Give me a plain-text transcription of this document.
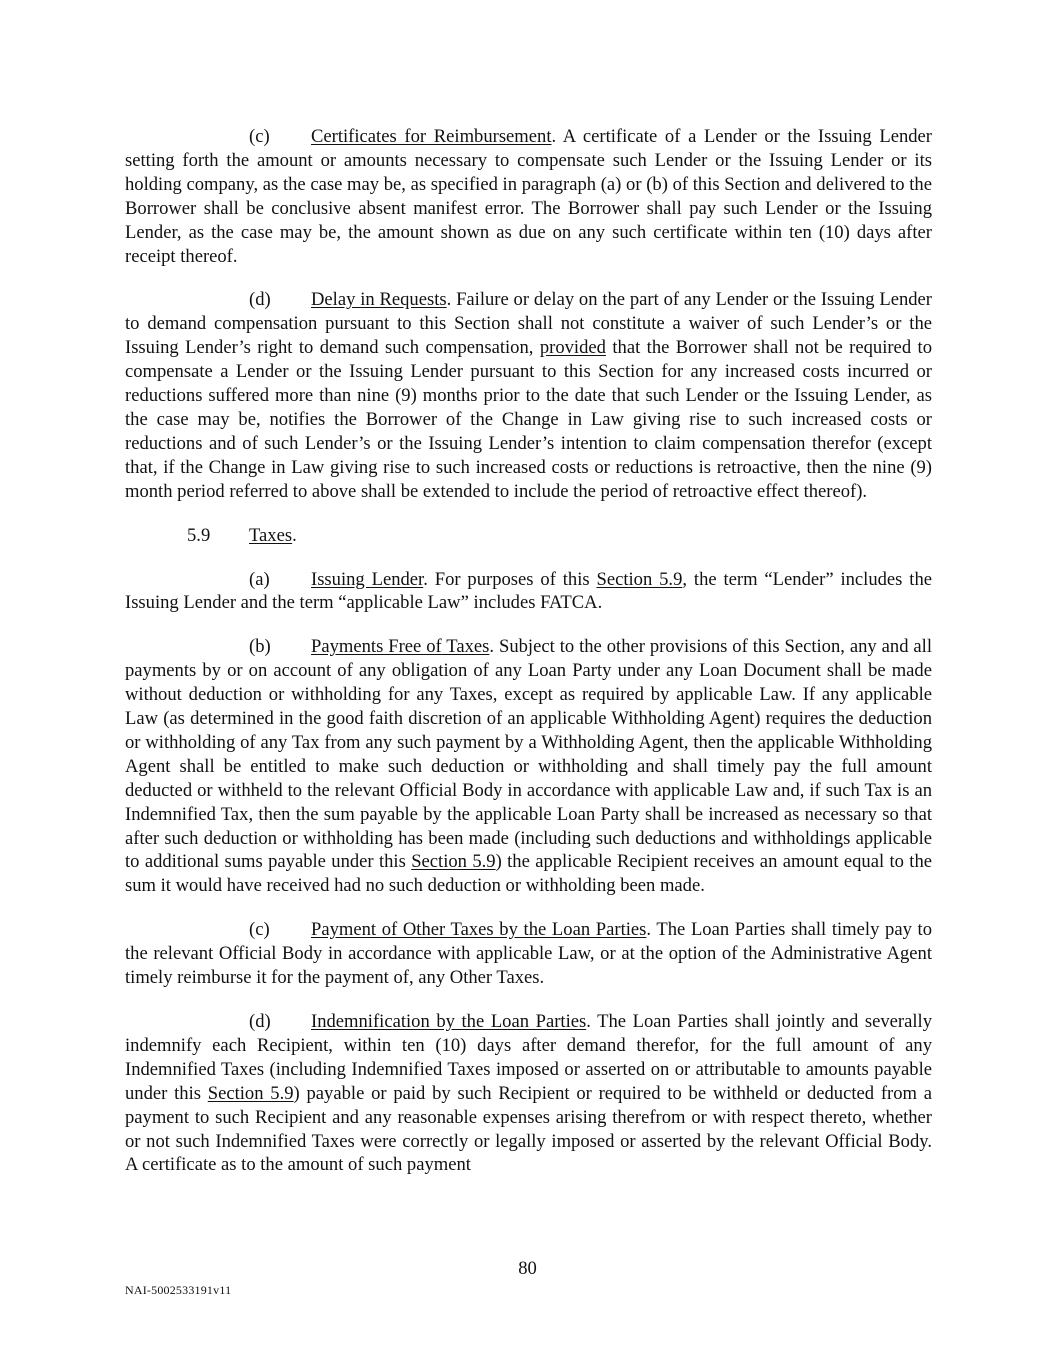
(c) Certificates for Reimbursement. A certificate of a Lender or the Issuing Lender setting forth the amount or amounts necessary to compensate such Lender or the Issuing Lender or its holding company, as the case may be, as specified in paragraph (a) or (b) of this Section and delivered to the Borrower shall be conclusive absent manifest error. The Borrower shall pay such Lender or the Issuing Lender, as the case may be, the amount shown as due on any such certificate within ten (10) days after receipt thereof.

(d) Delay in Requests. Failure or delay on the part of any Lender or the Issuing Lender to demand compensation pursuant to this Section shall not constitute a waiver of such Lender’s or the Issuing Lender’s right to demand such compensation, provided that the Borrower shall not be required to compensate a Lender or the Issuing Lender pursuant to this Section for any increased costs incurred or reductions suffered more than nine (9) months prior to the date that such Lender or the Issuing Lender, as the case may be, notifies the Borrower of the Change in Law giving rise to such increased costs or reductions and of such Lender’s or the Issuing Lender’s intention to claim compensation therefor (except that, if the Change in Law giving rise to such increased costs or reductions is retroactive, then the nine (9) month period referred to above shall be extended to include the period of retroactive effect thereof).

5.9 Taxes.

(a) Issuing Lender. For purposes of this Section 5.9, the term “Lender” includes the Issuing Lender and the term “applicable Law” includes FATCA.

(b) Payments Free of Taxes. Subject to the other provisions of this Section, any and all payments by or on account of any obligation of any Loan Party under any Loan Document shall be made without deduction or withholding for any Taxes, except as required by applicable Law. If any applicable Law (as determined in the good faith discretion of an applicable Withholding Agent) requires the deduction or withholding of any Tax from any such payment by a Withholding Agent, then the applicable Withholding Agent shall be entitled to make such deduction or withholding and shall timely pay the full amount deducted or withheld to the relevant Official Body in accordance with applicable Law and, if such Tax is an Indemnified Tax, then the sum payable by the applicable Loan Party shall be increased as necessary so that after such deduction or withholding has been made (including such deductions and withholdings applicable to additional sums payable under this Section 5.9) the applicable Recipient receives an amount equal to the sum it would have received had no such deduction or withholding been made.

(c) Payment of Other Taxes by the Loan Parties. The Loan Parties shall timely pay to the relevant Official Body in accordance with applicable Law, or at the option of the Administrative Agent timely reimburse it for the payment of, any Other Taxes.

(d) Indemnification by the Loan Parties. The Loan Parties shall jointly and severally indemnify each Recipient, within ten (10) days after demand therefor, for the full amount of any Indemnified Taxes (including Indemnified Taxes imposed or asserted on or attributable to amounts payable under this Section 5.9) payable or paid by such Recipient or required to be withheld or deducted from a payment to such Recipient and any reasonable expenses arising therefrom or with respect thereto, whether or not such Indemnified Taxes were correctly or legally imposed or asserted by the relevant Official Body. A certificate as to the amount of such payment

80
NAI-5002533191v11
